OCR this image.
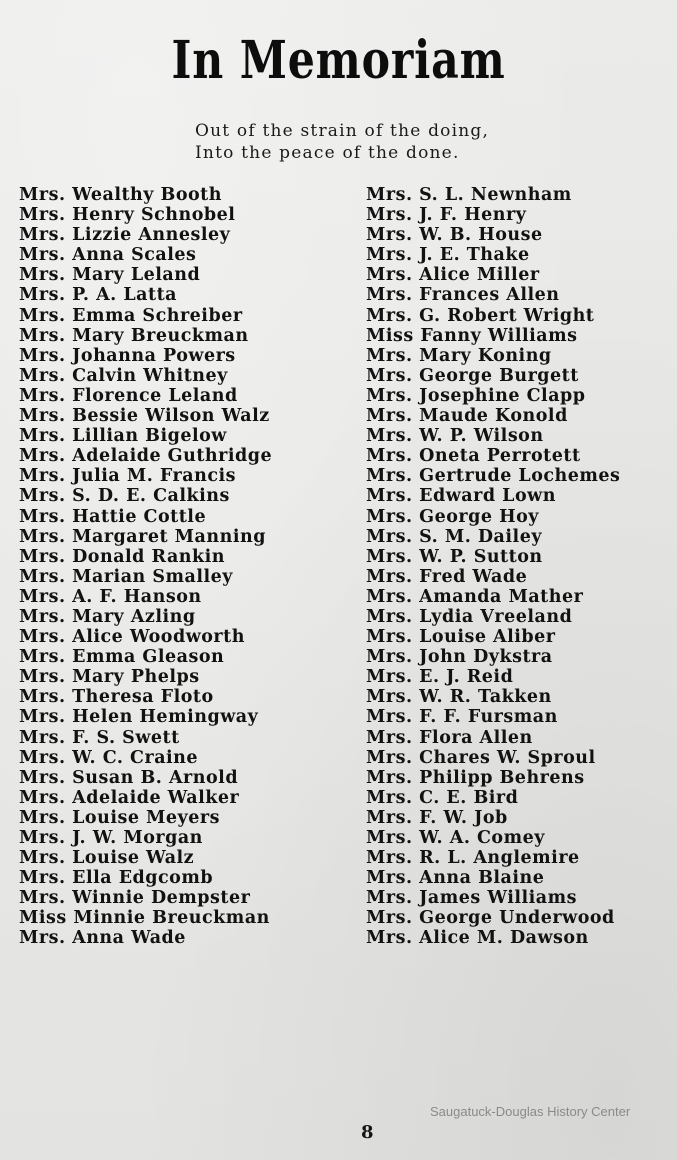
In Memoriam
Out of the strain of the doing,
Into the peace of the done.
Mrs. Wealthy Booth
Mrs. Henry Schnobel
Mrs. Lizzie Annesley
Mrs. Anna Scales
Mrs. Mary Leland
Mrs. P. A. Latta
Mrs. Emma Schreiber
Mrs. Mary Breuckman
Mrs. Johanna Powers
Mrs. Calvin Whitney
Mrs. Florence Leland
Mrs. Bessie Wilson Walz
Mrs. Lillian Bigelow
Mrs. Adelaide Guthridge
Mrs. Julia M. Francis
Mrs. S. D. E. Calkins
Mrs. Hattie Cottle
Mrs. Margaret Manning
Mrs. Donald Rankin
Mrs. Marian Smalley
Mrs. A. F. Hanson
Mrs. Mary Azling
Mrs. Alice Woodworth
Mrs. Emma Gleason
Mrs. Mary Phelps
Mrs. Theresa Floto
Mrs. Helen Hemingway
Mrs. F. S. Swett
Mrs. W. C. Craine
Mrs. Susan B. Arnold
Mrs. Adelaide Walker
Mrs. Louise Meyers
Mrs. J. W. Morgan
Mrs. Louise Walz
Mrs. Ella Edgcomb
Mrs. Winnie Dempster
Miss Minnie Breuckman
Mrs. Anna Wade
Mrs. S. L. Newnham
Mrs. J. F. Henry
Mrs. W. B. House
Mrs. J. E. Thake
Mrs. Alice Miller
Mrs. Frances Allen
Mrs. G. Robert Wright
Miss Fanny Williams
Mrs. Mary Koning
Mrs. George Burgett
Mrs. Josephine Clapp
Mrs. Maude Konold
Mrs. W. P. Wilson
Mrs. Oneta Perrotett
Mrs. Gertrude Lochemes
Mrs. Edward Lown
Mrs. George Hoy
Mrs. S. M. Dailey
Mrs. W. P. Sutton
Mrs. Fred Wade
Mrs. Amanda Mather
Mrs. Lydia Vreeland
Mrs. Louise Aliber
Mrs. John Dykstra
Mrs. E. J. Reid
Mrs. W. R. Takken
Mrs. F. F. Fursman
Mrs. Flora Allen
Mrs. Chares W. Sproul
Mrs. Philipp Behrens
Mrs. C. E. Bird
Mrs. F. W. Job
Mrs. W. A. Comey
Mrs. R. L. Anglemire
Mrs. Anna Blaine
Mrs. James Williams
Mrs. George Underwood
Mrs. Alice M. Dawson
Saugatuck-Douglas History Center
8
